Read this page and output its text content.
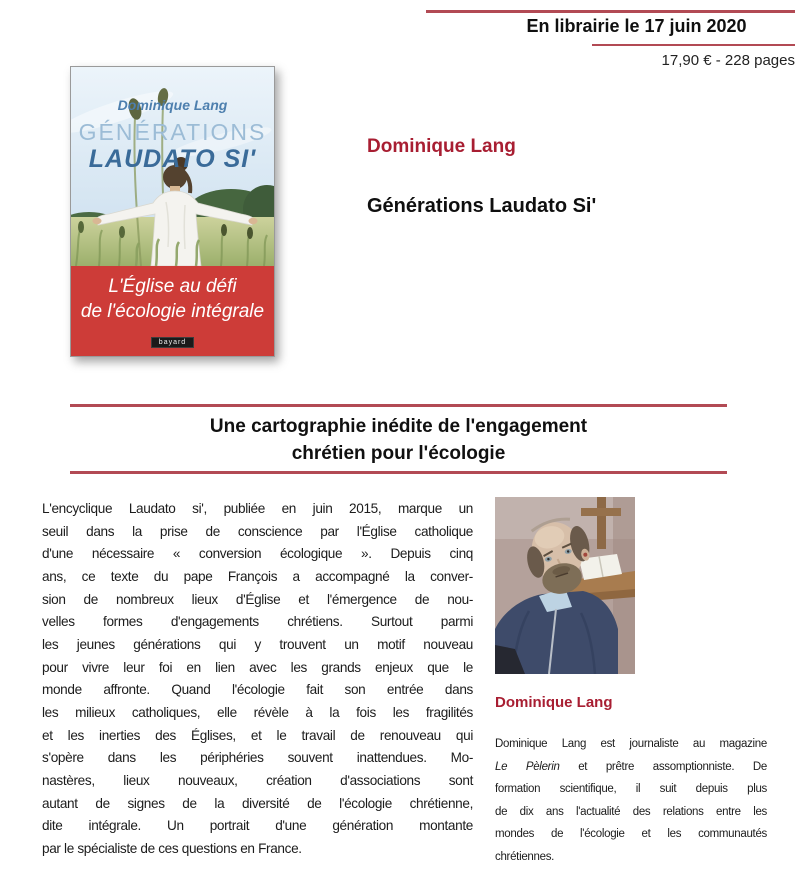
En librairie le 17 juin 2020
17,90 € - 228 pages
Dominique Lang
GÉNÉRATIONS
LAUDATO SI'
L'Église au défi
de l'écologie intégrale
bayard
Dominique Lang
Générations Laudato Si'
Une cartographie inédite de l'engagement
chrétien pour l'écologie
L'encyclique Laudato si', publiée en juin 2015, marque un
seuil dans la prise de conscience par l'Église catholique
d'une nécessaire « conversion écologique ». Depuis cinq
ans, ce texte du pape François a accompagné la conver-
sion de nombreux lieux d'Église et l'émergence de nou-
velles formes d'engagements chrétiens. Surtout parmi
les jeunes générations qui y trouvent un motif nouveau
pour vivre leur foi en lien avec les grands enjeux que le
monde affronte. Quand l'écologie fait son entrée dans
les milieux catholiques, elle révèle à la fois les fragilités
et les inerties des Églises, et le travail de renouveau qui
s'opère dans les périphéries souvent inattendues. Mo-
nastères, lieux nouveaux, création d'associations sont
autant de signes de la diversité de l'écologie chrétienne,
dite intégrale. Un portrait d'une génération montante
par le spécialiste de ces questions en France.
Dominique Lang
Dominique Lang est journaliste au magazine
Le Pèlerin et prêtre assomptionniste. De
formation scientifique, il suit depuis plus
de dix ans l'actualité des relations entre les
mondes de l'écologie et les communautés
chrétiennes.
